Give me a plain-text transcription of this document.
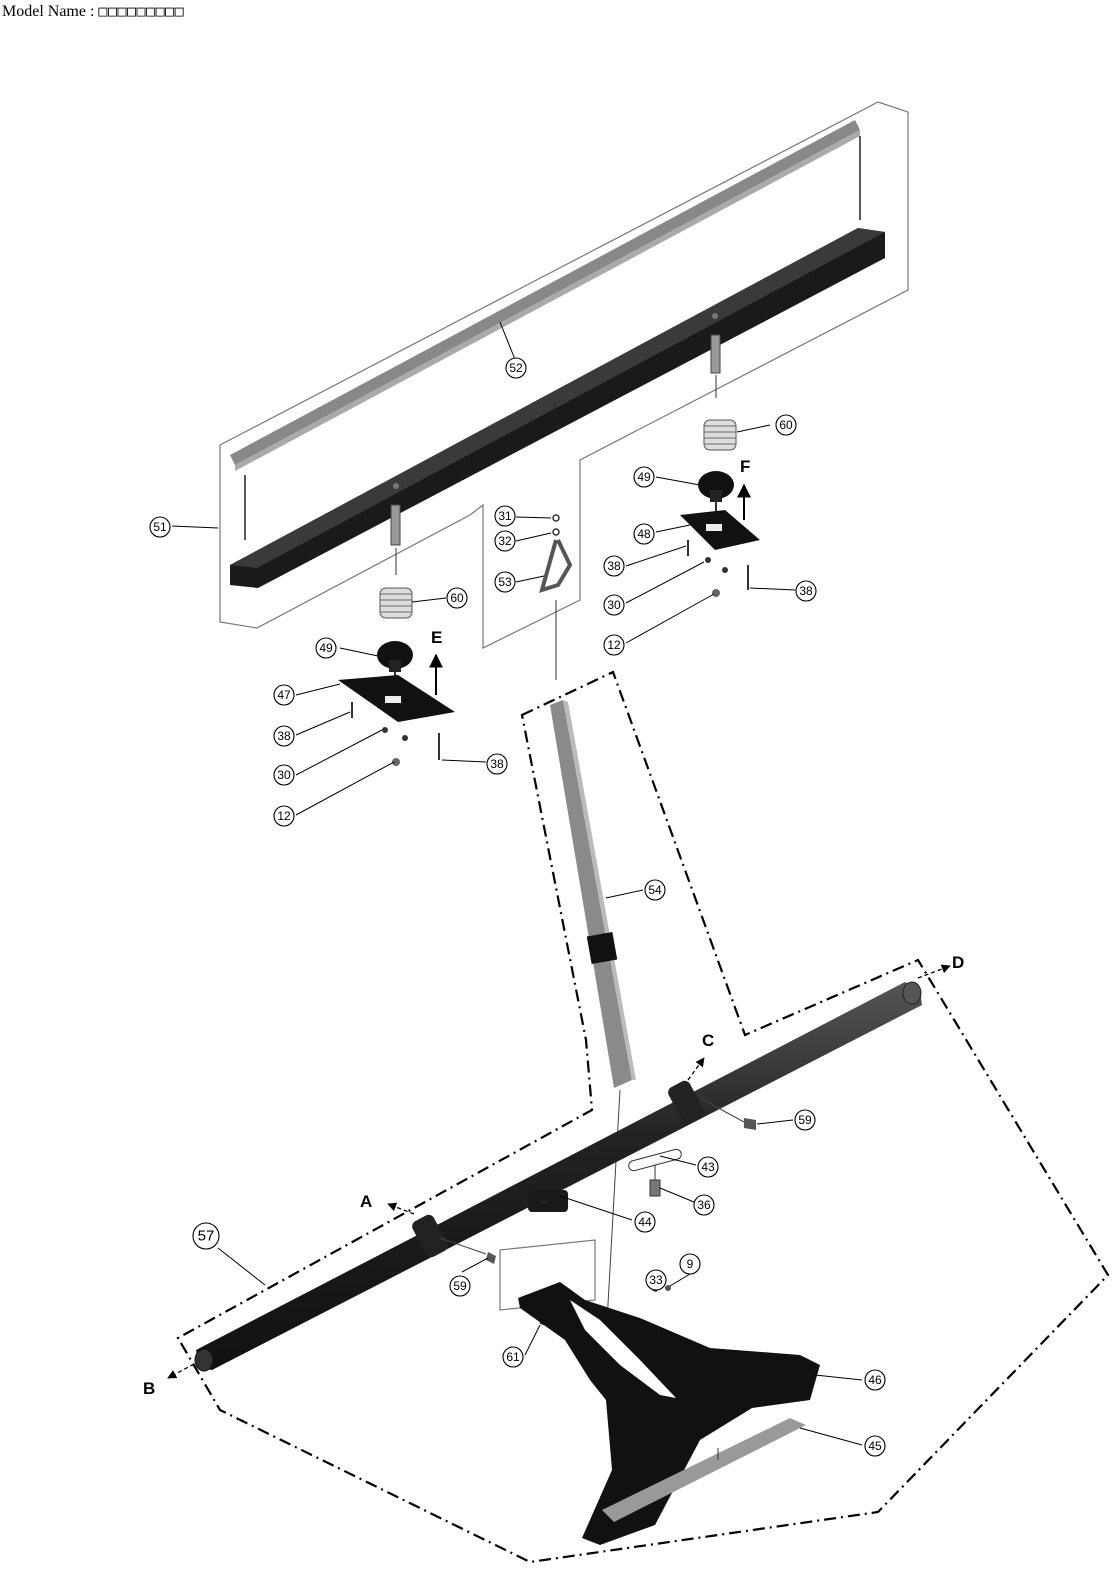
Model Name : □□□□□□□□□
D
C
A
B
F
E
52
60
49
48
38
30
38
12
51
31
32
53
60
49
47
38
30
38
12
54
59
43
36
44
57
59	33
9
61
46
45
